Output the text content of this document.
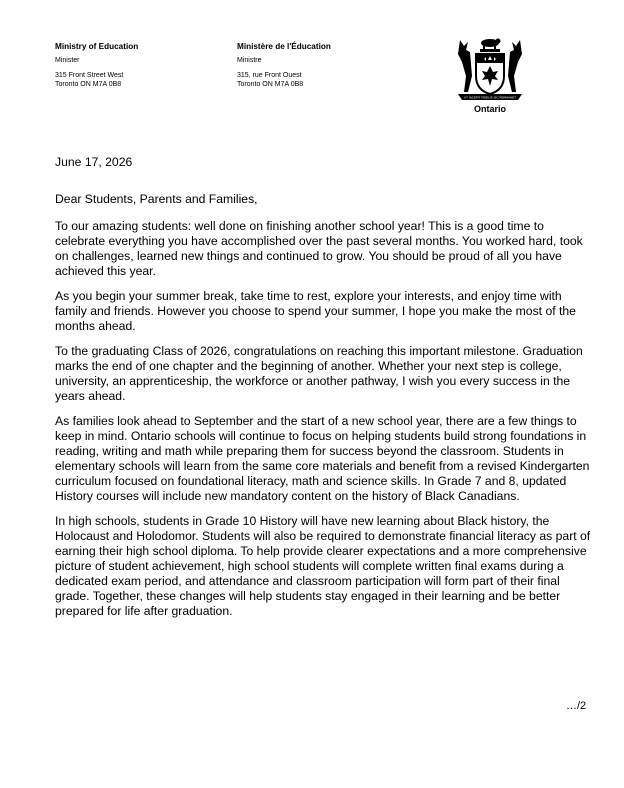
Ministry of Education
Minister
315 Front Street West
Toronto ON M7A 0B8
Ministère de l'Éducation
Ministre
315, rue Front Ouest
Toronto ON M7A 0B8
UT INCEPIT FIDELIS SIC PERMANET
Ontario

June 17, 2026

Dear Students, Parents and Families,

To our amazing students: well done on finishing another school year! This is a good time to celebrate everything you have accomplished over the past several months. You worked hard, took on challenges, learned new things and continued to grow. You should be proud of all you have achieved this year.

As you begin your summer break, take time to rest, explore your interests, and enjoy time with family and friends. However you choose to spend your summer, I hope you make the most of the months ahead.

To the graduating Class of 2026, congratulations on reaching this important milestone. Graduation marks the end of one chapter and the beginning of another. Whether your next step is college, university, an apprenticeship, the workforce or another pathway, I wish you every success in the years ahead.

As families look ahead to September and the start of a new school year, there are a few things to keep in mind. Ontario schools will continue to focus on helping students build strong foundations in reading, writing and math while preparing them for success beyond the classroom. Students in elementary schools will learn from the same core materials and benefit from a revised Kindergarten curriculum focused on foundational literacy, math and science skills. In Grade 7 and 8, updated History courses will include new mandatory content on the history of Black Canadians.

In high schools, students in Grade 10 History will have new learning about Black history, the Holocaust and Holodomor. Students will also be required to demonstrate financial literacy as part of earning their high school diploma. To help provide clearer expectations and a more comprehensive picture of student achievement, high school students will complete written final exams during a dedicated exam period, and attendance and classroom participation will form part of their final grade. Together, these changes will help students stay engaged in their learning and be better prepared for life after graduation.

…/2
